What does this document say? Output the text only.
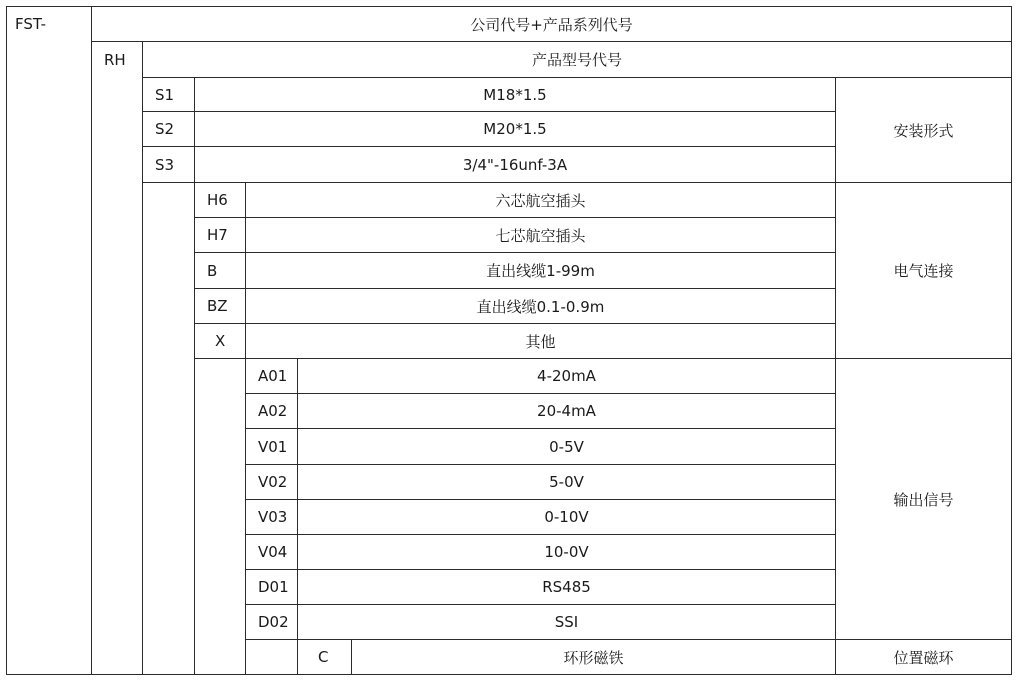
FST-	公司代号+产品系列代号
RH	产品型号代号
S1	M18*1.5
S2	M20*1.5
S3	3/4"-16unf-3A
安装形式
H6	六芯航空插头
H7	七芯航空插头
B	直出线缆1-99m
BZ	直出线缆0.1-0.9m
X	其他
电气连接
A01	4-20mA
A02	20-4mA
V01	0-5V
V02	5-0V
V03	0-10V
V04	10-0V
D01	RS485
D02	SSI
输出信号
C	环形磁铁	位置磁环
